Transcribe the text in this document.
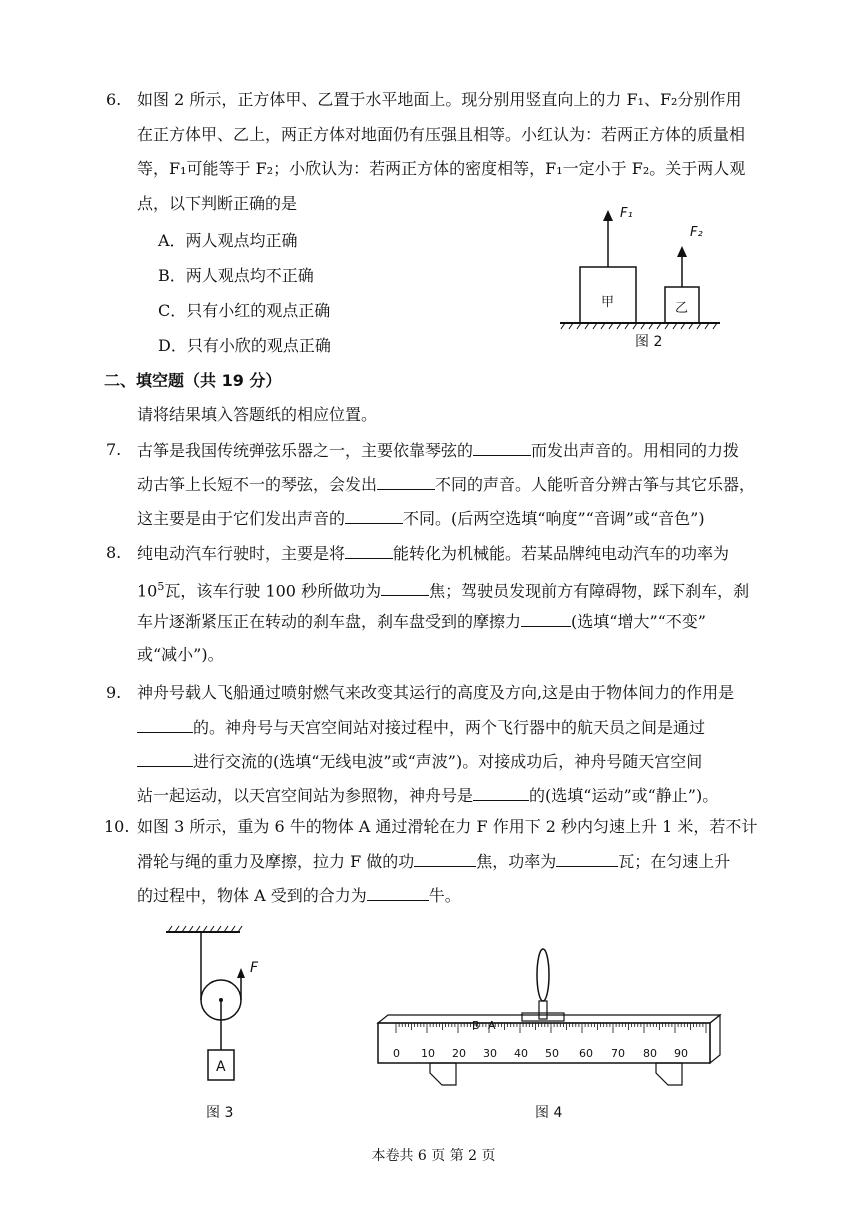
6. 如图 2 所示，正方体甲、乙置于水平地面上。现分别用竖直向上的力 F₁、F₂分别作用
在正方体甲、乙上，两正方体对地面仍有压强且相等。小红认为：若两正方体的质量相
等，F₁可能等于 F₂；小欣认为：若两正方体的密度相等，F₁一定小于 F₂。关于两人观
点，以下判断正确的是
A．两人观点均正确
B．两人观点均不正确
C．只有小红的观点正确
D．只有小欣的观点正确
F₁
F₂
甲	乙
图 2
二、填空题（共 19 分）
请将结果填入答题纸的相应位置。
7. 古筝是我国传统弹弦乐器之一，主要依靠琴弦的	而发出声音的。用相同的力拨
动古筝上长短不一的琴弦，会发出	不同的声音。人能听音分辨古筝与其它乐器，
这主要是由于它们发出声音的	不同。(后两空选填“响度”“音调”或“音色”)
8. 纯电动汽车行驶时，主要是将	能转化为机械能。若某品牌纯电动汽车的功率为
$10^5$瓦，该车行驶 100 秒所做功为	焦；驾驶员发现前方有障碍物，踩下刹车，刹
车片逐渐紧压正在转动的刹车盘，刹车盘受到的摩擦力	(选填“增大”“不变”
或“减小”)。
9. 神舟号载人飞船通过喷射燃气来改变其运行的高度及方向,这是由于物体间力的作用是
的。神舟号与天宫空间站对接过程中，两个飞行器中的航天员之间是通过
进行交流的(选填“无线电波”或“声波”)。对接成功后，神舟号随天宫空间
站一起运动，以天宫空间站为参照物，神舟号是	的(选填“运动”或“静止”)。
10. 如图 3 所示，重为 6 牛的物体 A 通过滑轮在力 F 作用下 2 秒内匀速上升 1 米，若不计
滑轮与绳的重力及摩擦，拉力 F 做的功	焦，功率为	瓦；在匀速上升
的过程中，物体 A 受到的合力为	牛。
F
A
图 3
B A
0 10 20 30 40 50 60 70 80 90
图 4
本卷共 6 页 第 2 页
